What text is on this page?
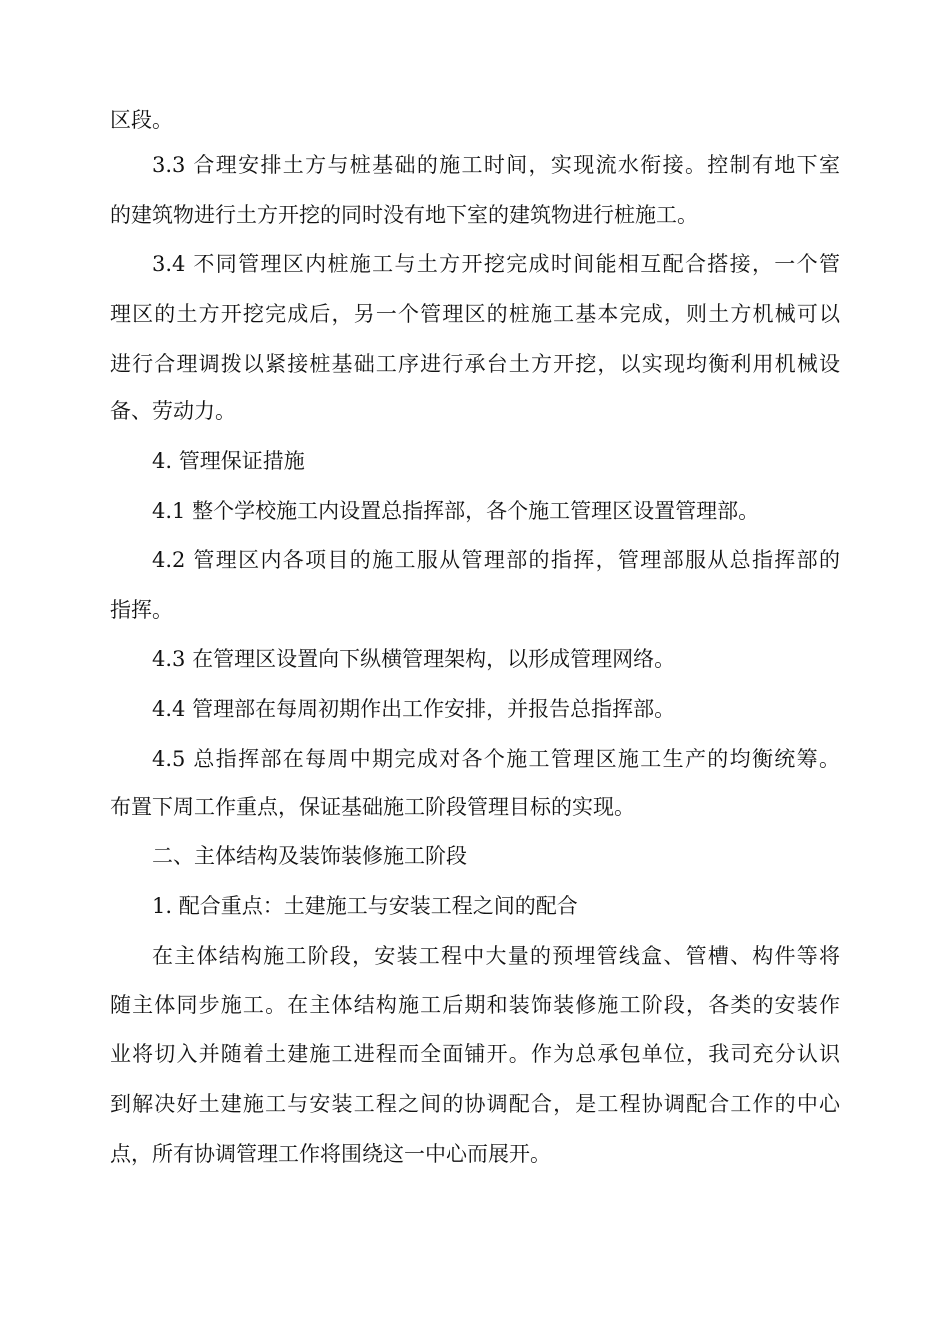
区段。
3.3 合理安排土方与桩基础的施工时间，实现流水衔接。控制有地下室
的建筑物进行土方开挖的同时没有地下室的建筑物进行桩施工。
3.4 不同管理区内桩施工与土方开挖完成时间能相互配合搭接，一个管
理区的土方开挖完成后，另一个管理区的桩施工基本完成，则土方机械可以
进行合理调拨以紧接桩基础工序进行承台土方开挖，以实现均衡利用机械设
备、劳动力。
4. 管理保证措施
4.1 整个学校施工内设置总指挥部，各个施工管理区设置管理部。
4.2 管理区内各项目的施工服从管理部的指挥，管理部服从总指挥部的
指挥。
4.3 在管理区设置向下纵横管理架构，以形成管理网络。
4.4 管理部在每周初期作出工作安排，并报告总指挥部。
4.5 总指挥部在每周中期完成对各个施工管理区施工生产的均衡统筹。
布置下周工作重点，保证基础施工阶段管理目标的实现。
二、主体结构及装饰装修施工阶段
1. 配合重点：土建施工与安装工程之间的配合
在主体结构施工阶段，安装工程中大量的预埋管线盒、管槽、构件等将
随主体同步施工。在主体结构施工后期和装饰装修施工阶段，各类的安装作
业将切入并随着土建施工进程而全面铺开。作为总承包单位，我司充分认识
到解决好土建施工与安装工程之间的协调配合，是工程协调配合工作的中心
点，所有协调管理工作将围绕这一中心而展开。
